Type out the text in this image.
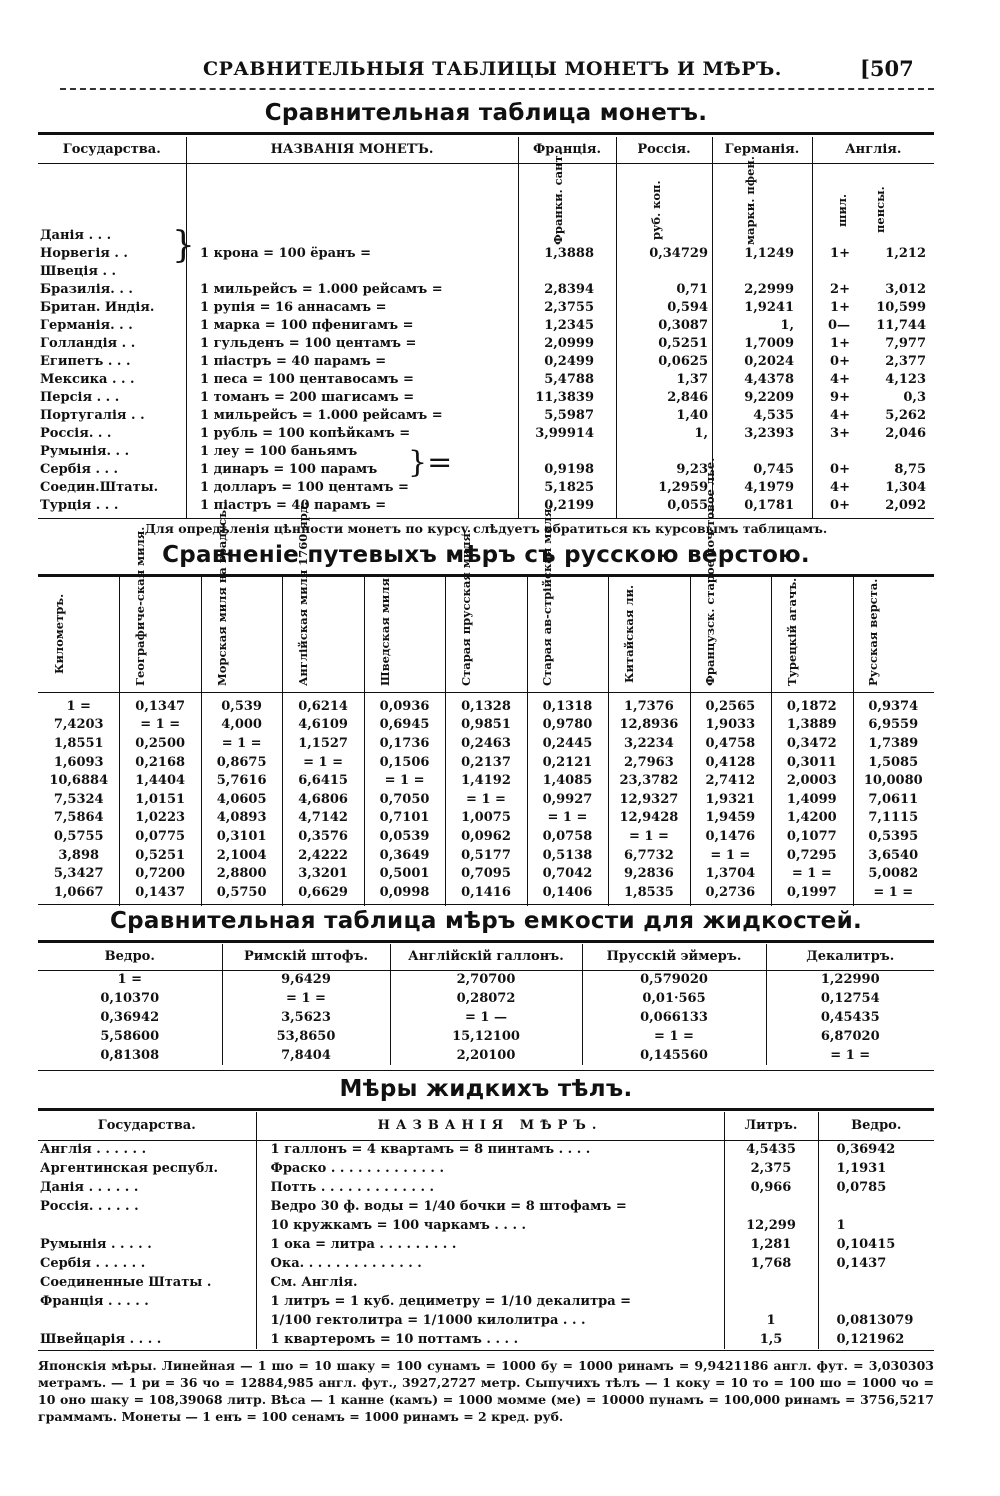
СРАВНИТЕЛЬНЫЯ ТАБЛИЦЫ МОНЕТЪ И МѢРЪ.	[507
Сравнительная таблица монетъ.
Государства.	НАЗВАНІЯ МОНЕТЪ.	Франція.	Россія.	Германія.	Англія.
Франки. сант.	руб. коп.	марки. пфен.	шил.	пенсы.
Данія . . .						
Норвегія . .	1 крона = 100 ёранъ =	1,3888	0,34729	1,1249	1+	1,212
Швеція . .						
Бразилія. . .	1 мильрейсъ = 1.000 рейсамъ =	2,8394	0,71	2,2999	2+	3,012
Британ. Индія.	1 рупія = 16 аннасамъ =	2,3755	0,594	1,9241	1+	10,599
Германія. . .	1 марка = 100 пфенигамъ =	1,2345	0,3087	1,	0—	11,744
Голландія . .	1 гульденъ = 100 центамъ =	2,0999	0,5251	1,7009	1+	7,977
Египетъ . . .	1 піастръ = 40 парамъ =	0,2499	0,0625	0,2024	0+	2,377
Мексика . . .	1 песа = 100 центавосамъ =	5,4788	1,37	4,4378	4+	4,123
Персія . . .	1 томанъ = 200 шагисамъ =	11,3839	2,846	9,2209	9+	0,3
Португалія . .	1 мильрейсъ = 1.000 рейсамъ =	5,5987	1,40	4,535	4+	5,262
Россія. . .	1 рубль = 100 копѣйкамъ =	3,99914	1,	3,2393	3+	2,046
Румынія. . .	1 леу = 100 баньямъ					
Сербія . . .	1 динаръ = 100 парамъ	0,9198	9,23	0,745	0+	8,75
Соедин.Штаты.	1 долларъ = 100 центамъ =	5,1825	1,2959	4,1979	4+	1,304
Турція . . .	1 піастръ = 40 парамъ =	0,2199	0,055	0,1781	0+	2,092
}
}=
Для опредѣленія цѣнности монетъ по курсу слѣдуетъ обратиться къ курсовымъ таблицамъ.
Сравненіе путевыхъ мѣръ съ русскою верстою.
Километръ.	Географиче-ская миля.	Морская миля на градусъ.	Англійская миля 1760 ярд.	Шведская миля.	Старая прусская миля.	Старая ав-стрійская миля.	Китайская ли.	Французск. старое поч-товое лье.	Турецкій агачъ.	Русская верста.
1 =	0,1347	0,539	0,6214	0,0936	0,1328	0,1318	1,7376	0,2565	0,1872	0,9374
7,4203	= 1 =	4,000	4,6109	0,6945	0,9851	0,9780	12,8936	1,9033	1,3889	6,9559
1,8551	0,2500	= 1 =	1,1527	0,1736	0,2463	0,2445	3,2234	0,4758	0,3472	1,7389
1,6093	0,2168	0,8675	= 1 =	0,1506	0,2137	0,2121	2,7963	0,4128	0,3011	1,5085
10,6884	1,4404	5,7616	6,6415	= 1 =	1,4192	1,4085	23,3782	2,7412	2,0003	10,0080
7,5324	1,0151	4,0605	4,6806	0,7050	= 1 =	0,9927	12,9327	1,9321	1,4099	7,0611
7,5864	1,0223	4,0893	4,7142	0,7101	1,0075	= 1 =	12,9428	1,9459	1,4200	7,1115
0,5755	0,0775	0,3101	0,3576	0,0539	0,0962	0,0758	= 1 =	0,1476	0,1077	0,5395
3,898	0,5251	2,1004	2,4222	0,3649	0,5177	0,5138	6,7732	= 1 =	0,7295	3,6540
5,3427	0,7200	2,8800	3,3201	0,5001	0,7095	0,7042	9,2836	1,3704	= 1 =	5,0082
1,0667	0,1437	0,5750	0,6629	0,0998	0,1416	0,1406	1,8535	0,2736	0,1997	= 1 =
Сравнительная таблица мѣръ емкости для жидкостей.
Ведро.	Римскій штофъ.	Англійскій галлонъ.	Прусскій эймеръ.	Декалитръ.
1 =	9,6429	2,70700	0,579020	1,22990
0,10370	= 1 =	0,28072	0,01·565	0,12754
0,36942	3,5623	= 1 —	0,066133	0,45435
5,58600	53,8650	15,12100	= 1 =	6,87020
0,81308	7,8404	2,20100	0,145560	= 1 =
Мѣры жидкихъ тѣлъ.
Государства.	НАЗВАНІЯ МѢРЪ.	Литръ.	Ведро.
Англія . . . . . .	1 галлонъ = 4 квартамъ = 8 пинтамъ . . . .	4,5435	0,36942
Аргентинская республ.	Фраско . . . . . . . . . . . . .	2,375	1,1931
Данія . . . . . .	Потть . . . . . . . . . . . . .	0,966	0,0785
Россія. . . . . .	Ведро 30 ф. воды = 1/40 бочки = 8 штофамъ =		
	10 кружкамъ = 100 чаркамъ . . . .	12,299	1
Румынія . . . . .	1 ока = литра . . . . . . . . .	1,281	0,10415
Сербія . . . . . .	Ока. . . . . . . . . . . . . .	1,768	0,1437
Соединенные Штаты .	См. Англія.		
Франція . . . . .	1 литръ = 1 куб. дециметру = 1/10 декалитра =		
	1/100 гектолитра = 1/1000 килолитра . . .	1	0,0813079
Швейцарія . . . .	1 квартеромъ = 10 поттамъ . . . .	1,5	0,121962
Японскія мѣры. Линейная — 1 шо = 10 шаку = 100 сунамъ = 1000 бу = 1000 ринамъ = 9,9421186 англ. фут. = 3,030303 метрамъ. — 1 ри = 36 чо = 12884,985 англ. фут., 3927,2727 метр. Сыпучихъ тѣлъ — 1 коку = 10 то = 100 шо = 1000 чо = 10 оно шаку = 108,39068 литр. Вѣса — 1 канне (камъ) = 1000 момме (ме) = 10000 пунамъ = 100,000 ринамъ = 3756,5217 граммамъ. Монеты — 1 енъ = 100 сенамъ = 1000 ринамъ = 2 кред. руб.
